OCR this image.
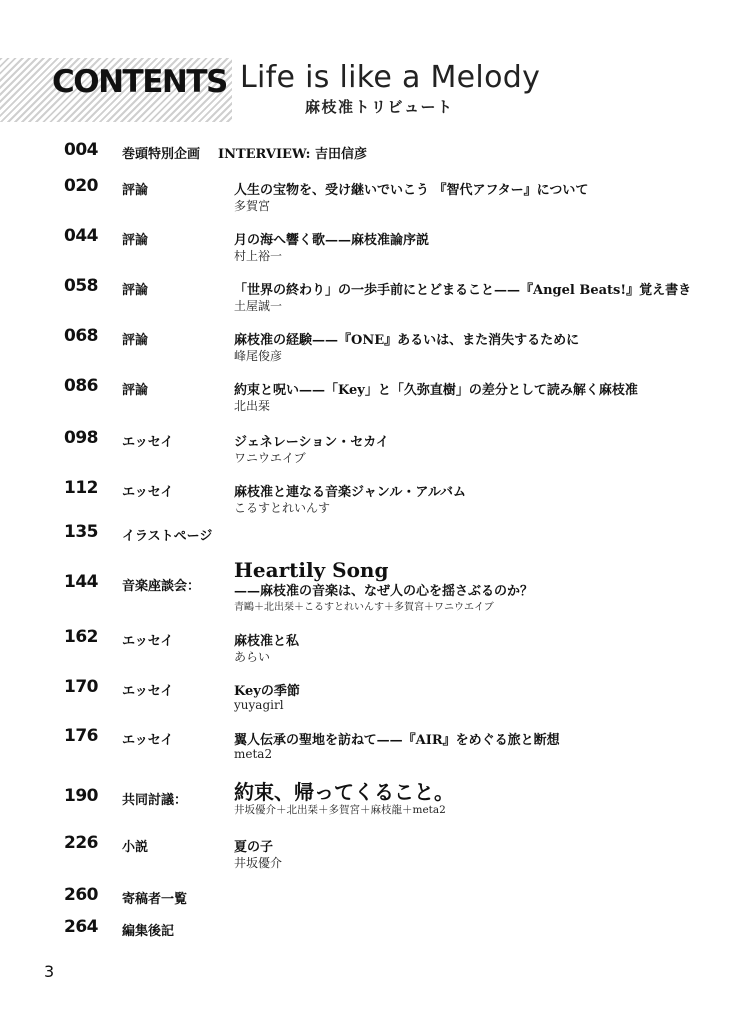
CONTENTS Life is like a Melody
麻枝准トリビュート
004 巻頭特別企画 INTERVIEW: 吉田信彦
020 評論	人生の宝物を、受け継いでいこう 『智代アフター』について
多賀宮
044 評論	月の海へ響く歌——麻枝准論序説
村上裕一
058 評論	「世界の終わり」の一歩手前にとどまること——『Angel Beats!』覚え書き
土屋誠一
068 評論	麻枝准の経験——『ONE』あるいは、また消失するために
峰尾俊彦
086 評論	約束と呪い——「Key」と「久弥直樹」の差分として読み解く麻枝准
北出栞
098 エッセイ	ジェネレーション・セカイ
ワニウエイブ
112 エッセイ	麻枝准と連なる音楽ジャンル・アルバム
こるすとれいんす
135 イラストページ
144 音楽座談会：
Heartily Song
——麻枝准の音楽は、なぜ人の心を揺さぶるのか？
青鷗＋北出栞＋こるすとれいんす＋多賀宮＋ワニウエイブ
162 エッセイ	麻枝准と私
あらい
170 エッセイ	Keyの季節
yuyagirl
176 エッセイ	翼人伝承の聖地を訪ねて——『AIR』をめぐる旅と断想
meta2
190 共同討議： 約束、帰ってくること。
井坂優介＋北出栞＋多賀宮＋麻枝龍＋meta2
226 小説	夏の子
井坂優介
260 寄稿者一覧
264 編集後記
3
